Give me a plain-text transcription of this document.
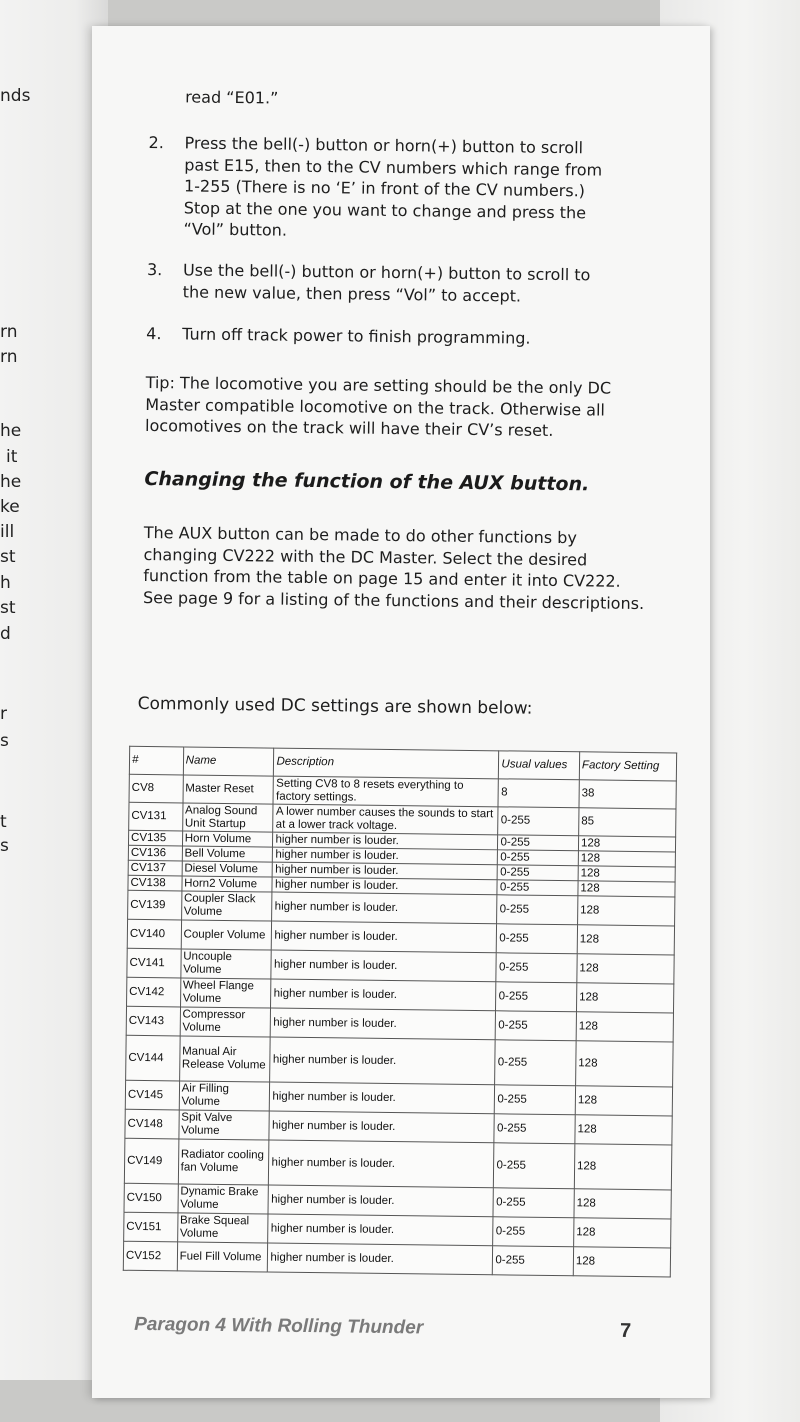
nds
rn
rn
he
it
he
ke
ill
st
h
st
d
r
s
t
s
read “E01.”
2. Press the bell(-) button or horn(+) button to scroll past E15, then to the CV numbers which range from 1-255 (There is no ‘E’ in front of the CV numbers.) Stop at the one you want to change and press the “Vol” button.
3. Use the bell(-) button or horn(+) button to scroll to the new value, then press “Vol” to accept.
4. Turn off track power to finish programming.
Tip: The locomotive you are setting should be the only DC Master compatible locomotive on the track. Otherwise all locomotives on the track will have their CV’s reset.
Changing the function of the AUX button.
The AUX button can be made to do other functions by changing CV222 with the DC Master. Select the desired function from the table on page 15 and enter it into CV222. See page 9 for a listing of the functions and their descriptions.
Commonly used DC settings are shown below:
#	Name	Description	Usual values	Factory Setting
CV8	Master Reset	Setting CV8 to 8 resets everything to factory settings.	8	38
CV131	Analog Sound Unit Startup	A lower number causes the sounds to start at a lower track voltage.	0-255	85
CV135	Horn Volume	higher number is louder.	0-255	128
CV136	Bell Volume	higher number is louder.	0-255	128
CV137	Diesel Volume	higher number is louder.	0-255	128
CV138	Horn2 Volume	higher number is louder.	0-255	128
CV139	Coupler Slack Volume	higher number is louder.	0-255	128
CV140	Coupler Volume	higher number is louder.	0-255	128
CV141	Uncouple Volume	higher number is louder.	0-255	128
CV142	Wheel Flange Volume	higher number is louder.	0-255	128
CV143	Compressor Volume	higher number is louder.	0-255	128
CV144	Manual Air Release Volume	higher number is louder.	0-255	128
CV145	Air Filling Volume	higher number is louder.	0-255	128
CV148	Spit Valve Volume	higher number is louder.	0-255	128
CV149	Radiator cooling fan Volume	higher number is louder.	0-255	128
CV150	Dynamic Brake Volume	higher number is louder.	0-255	128
CV151	Brake Squeal Volume	higher number is louder.	0-255	128
CV152	Fuel Fill Volume	higher number is louder.	0-255	128
Paragon 4 With Rolling Thunder	7
